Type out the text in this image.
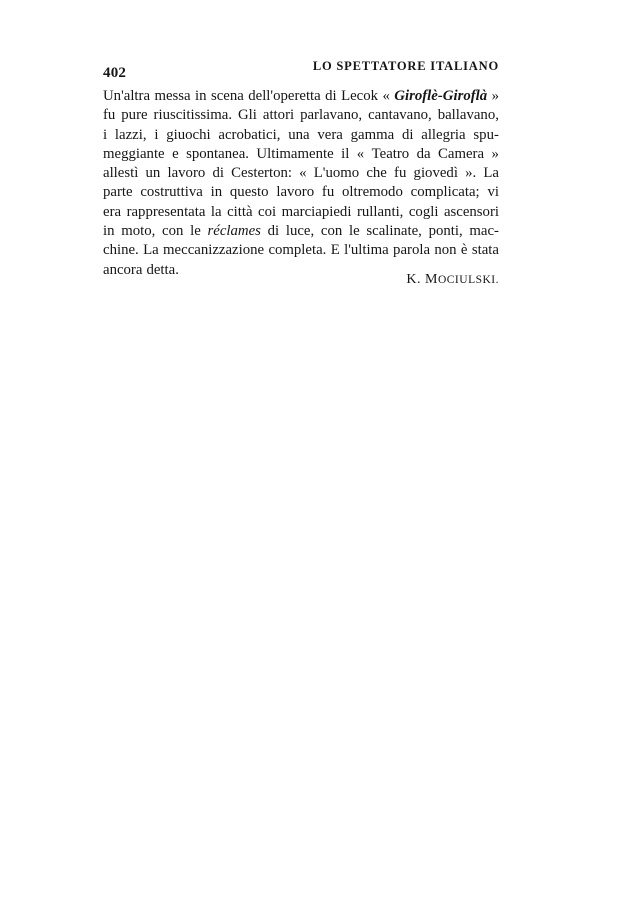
402	LO SPETTATORE ITALIANO
Un'altra messa in scena dell'operetta di Lecok « Giroflè-Giroflà »
fu pure riuscitissima. Gli attori parlavano, cantavano, ballavano,
i lazzi, i giuochi acrobatici, una vera gamma di allegria spu-
meggiante e spontanea. Ultimamente il « Teatro da Camera »
allestì un lavoro di Cesterton: « L'uomo che fu giovedì ». La
parte costruttiva in questo lavoro fu oltremodo complicata; vi
era rappresentata la città coi marciapiedi rullanti, cogli ascensori
in moto, con le réclames di luce, con le scalinate, ponti, mac-
chine. La meccanizzazione completa. E l'ultima parola non è stata
ancora detta.
K. MOCIULSKI.
